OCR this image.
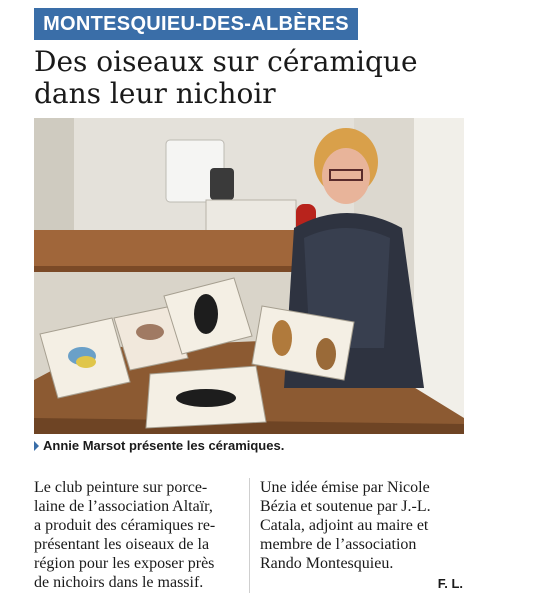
MONTESQUIEU-DES-ALBÈRES
Des oiseaux sur céramique
dans leur nichoir
Annie Marsot présente les céramiques.
Le club peinture sur porce-
laine de l’association Altaïr,
a produit des céramiques re-
présentant les oiseaux de la
région pour les exposer près
de nichoirs dans le massif.
Une idée émise par Nicole
Bézia et soutenue par J.-L.
Catala, adjoint au maire et
membre de l’association
Rando Montesquieu.
F. L.
